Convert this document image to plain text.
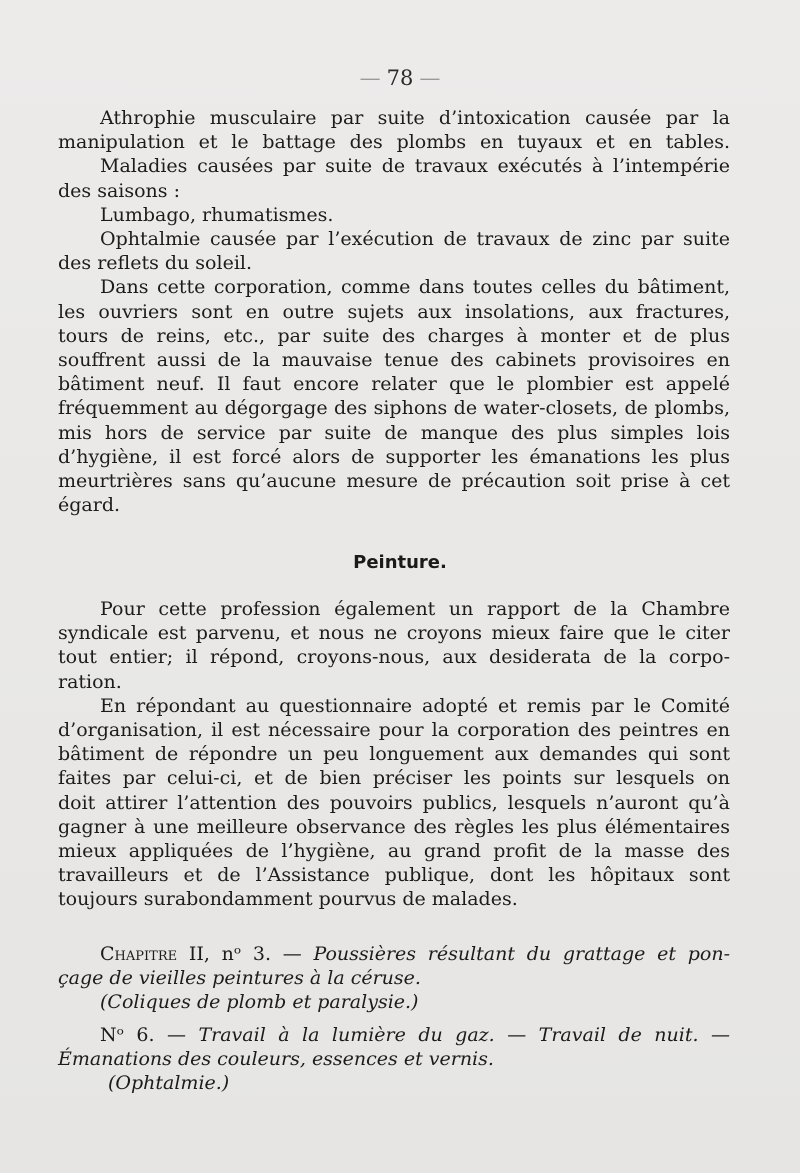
— 78 —
Athrophie musculaire par suite d’intoxication causée par la
manipulation et le battage des plombs en tuyaux et en tables.
Maladies causées par suite de travaux exécutés à l’intempérie
des saisons :
Lumbago, rhumatismes.
Ophtalmie causée par l’exécution de travaux de zinc par suite
des reflets du soleil.
Dans cette corporation, comme dans toutes celles du bâtiment,
les ouvriers sont en outre sujets aux insolations, aux fractures,
tours de reins, etc., par suite des charges à monter et de plus
souffrent aussi de la mauvaise tenue des cabinets provisoires en
bâtiment neuf. Il faut encore relater que le plombier est appelé
fréquemment au dégorgage des siphons de water-closets, de plombs,
mis hors de service par suite de manque des plus simples lois
d’hygiène, il est forcé alors de supporter les émanations les plus
meurtrières sans qu’aucune mesure de précaution soit prise à cet
égard.
Peinture.
Pour cette profession également un rapport de la Chambre
syndicale est parvenu, et nous ne croyons mieux faire que le citer
tout entier; il répond, croyons-nous, aux desiderata de la corpo-
ration.
En répondant au questionnaire adopté et remis par le Comité
d’organisation, il est nécessaire pour la corporation des peintres en
bâtiment de répondre un peu longuement aux demandes qui sont
faites par celui-ci, et de bien préciser les points sur lesquels on
doit attirer l’attention des pouvoirs publics, lesquels n’auront qu’à
gagner à une meilleure observance des règles les plus élémentaires
mieux appliquées de l’hygiène, au grand profit de la masse des
travailleurs et de l’Assistance publique, dont les hôpitaux sont
toujours surabondamment pourvus de malades.
Chapitre II, nᵒ 3. — Poussières résultant du grattage et pon-
çage de vieilles peintures à la céruse.
(Coliques de plomb et paralysie.)
Nᵒ 6. — Travail à la lumière du gaz. — Travail de nuit. —
Émanations des couleurs, essences et vernis.
(Ophtalmie.)
